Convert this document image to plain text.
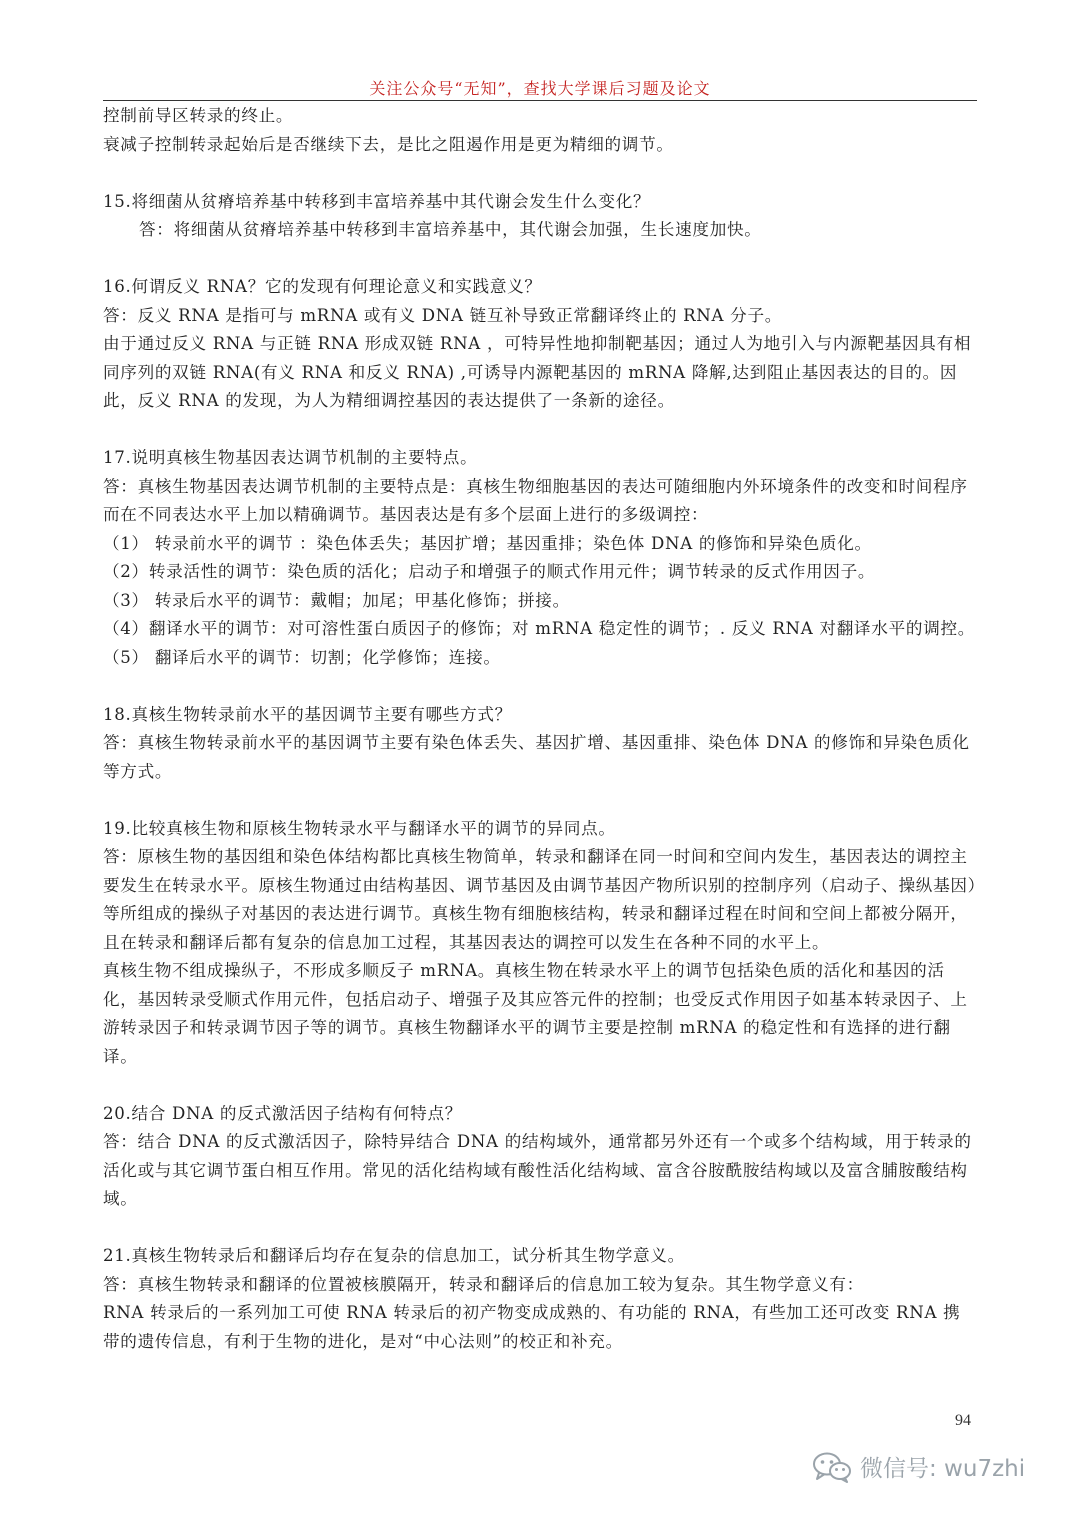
关注公众号“无知”，查找大学课后习题及论文

控制前导区转录的终止。

衰减子控制转录起始后是否继续下去，是比之阻遏作用是更为精细的调节。

15.将细菌从贫瘠培养基中转移到丰富培养基中其代谢会发生什么变化？

答：将细菌从贫瘠培养基中转移到丰富培养基中，其代谢会加强，生长速度加快。

16.何谓反义 RNA？它的发现有何理论意义和实践意义？

答：反义 RNA 是指可与 mRNA 或有义 DNA 链互补导致正常翻译终止的 RNA 分子。

由于通过反义 RNA 与正链 RNA 形成双链 RNA ，可特异性地抑制靶基因；通过人为地引入与内源靶基因具有相同序列的双链 RNA(有义 RNA 和反义 RNA) ,可诱导内源靶基因的 mRNA 降解,达到阻止基因表达的目的。因此，反义 RNA 的发现，为人为精细调控基因的表达提供了一条新的途径。

17.说明真核生物基因表达调节机制的主要特点。

答：真核生物基因表达调节机制的主要特点是：真核生物细胞基因的表达可随细胞内外环境条件的改变和时间程序而在不同表达水平上加以精确调节。基因表达是有多个层面上进行的多级调控：

（1） 转录前水平的调节 ：染色体丢失；基因扩增；基因重排；染色体 DNA 的修饰和异染色质化。

（2）转录活性的调节：染色质的活化；启动子和增强子的顺式作用元件；调节转录的反式作用因子。

（3） 转录后水平的调节：戴帽；加尾；甲基化修饰；拼接。

（4）翻译水平的调节：对可溶性蛋白质因子的修饰；对 mRNA 稳定性的调节；. 反义 RNA 对翻译水平的调控。

（5） 翻译后水平的调节：切割；化学修饰；连接。

18.真核生物转录前水平的基因调节主要有哪些方式？

答：真核生物转录前水平的基因调节主要有染色体丢失、基因扩增、基因重排、染色体 DNA 的修饰和异染色质化等方式。

19.比较真核生物和原核生物转录水平与翻译水平的调节的异同点。

答：原核生物的基因组和染色体结构都比真核生物简单，转录和翻译在同一时间和空间内发生，基因表达的调控主要发生在转录水平。原核生物通过由结构基因、调节基因及由调节基因产物所识别的控制序列（启动子、操纵基因）等所组成的操纵子对基因的表达进行调节。真核生物有细胞核结构，转录和翻译过程在时间和空间上都被分隔开，且在转录和翻译后都有复杂的信息加工过程，其基因表达的调控可以发生在各种不同的水平上。

真核生物不组成操纵子，不形成多顺反子 mRNA。真核生物在转录水平上的调节包括染色质的活化和基因的活化，基因转录受顺式作用元件，包括启动子、增强子及其应答元件的控制；也受反式作用因子如基本转录因子、上游转录因子和转录调节因子等的调节。真核生物翻译水平的调节主要是控制 mRNA 的稳定性和有选择的进行翻译。

20.结合 DNA 的反式激活因子结构有何特点？

答：结合 DNA 的反式激活因子，除特异结合 DNA 的结构域外，通常都另外还有一个或多个结构域，用于转录的活化或与其它调节蛋白相互作用。常见的活化结构域有酸性活化结构域、富含谷胺酰胺结构域以及富含脯胺酸结构域。

21.真核生物转录后和翻译后均存在复杂的信息加工，试分析其生物学意义。

答：真核生物转录和翻译的位置被核膜隔开，转录和翻译后的信息加工较为复杂。其生物学意义有：

RNA 转录后的一系列加工可使 RNA 转录后的初产物变成成熟的、有功能的 RNA，有些加工还可改变 RNA 携带的遗传信息，有利于生物的进化，是对“中心法则”的校正和补充。

94
微信号: wu7zhi
